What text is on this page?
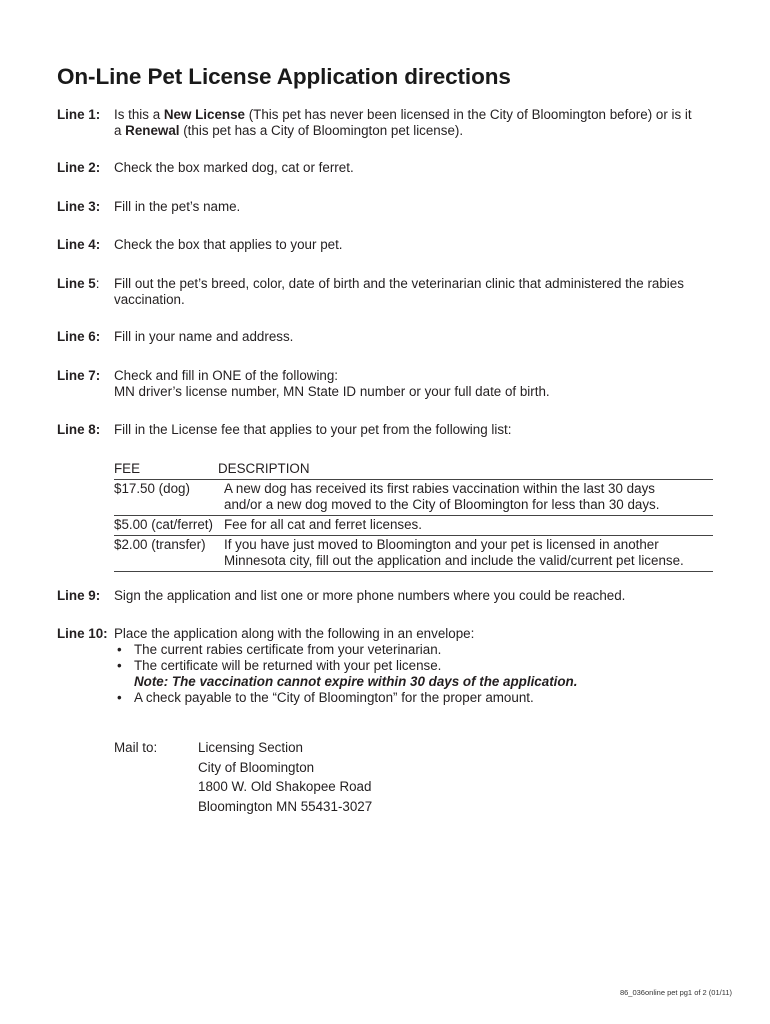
On-Line Pet License Application directions
Line 1: Is this a New License (This pet has never been licensed in the City of Bloomington before) or is it
a Renewal (this pet has a City of Bloomington pet license).
Line 2: Check the box marked dog, cat or ferret.
Line 3: Fill in the pet’s name.
Line 4: Check the box that applies to your pet.
Line 5: Fill out the pet’s breed, color, date of birth and the veterinarian clinic that administered the rabies
vaccination.
Line 6: Fill in your name and address.
Line 7: Check and fill in ONE of the following:
MN driver’s license number, MN State ID number or your full date of birth.
Line 8: Fill in the License fee that applies to your pet from the following list:
FEE	DESCRIPTION
$17.50 (dog)	A new dog has received its first rabies vaccination within the last 30 days
and/or a new dog moved to the City of Bloomington for less than 30 days.
$5.00 (cat/ferret) Fee for all cat and ferret licenses.
$2.00 (transfer) If you have just moved to Bloomington and your pet is licensed in another
Minnesota city, fill out the application and include the valid/current pet license.
Line 9: Sign the application and list one or more phone numbers where you could be reached.
Line 10: Place the application along with the following in an envelope:
• The current rabies certificate from your veterinarian.
• The certificate will be returned with your pet license.
Note: The vaccination cannot expire within 30 days of the application.
• A check payable to the “City of Bloomington” for the proper amount.
Mail to:	Licensing Section
City of Bloomington
1800 W. Old Shakopee Road
Bloomington MN 55431-3027
86_036online pet pg1 of 2 (01/11)
